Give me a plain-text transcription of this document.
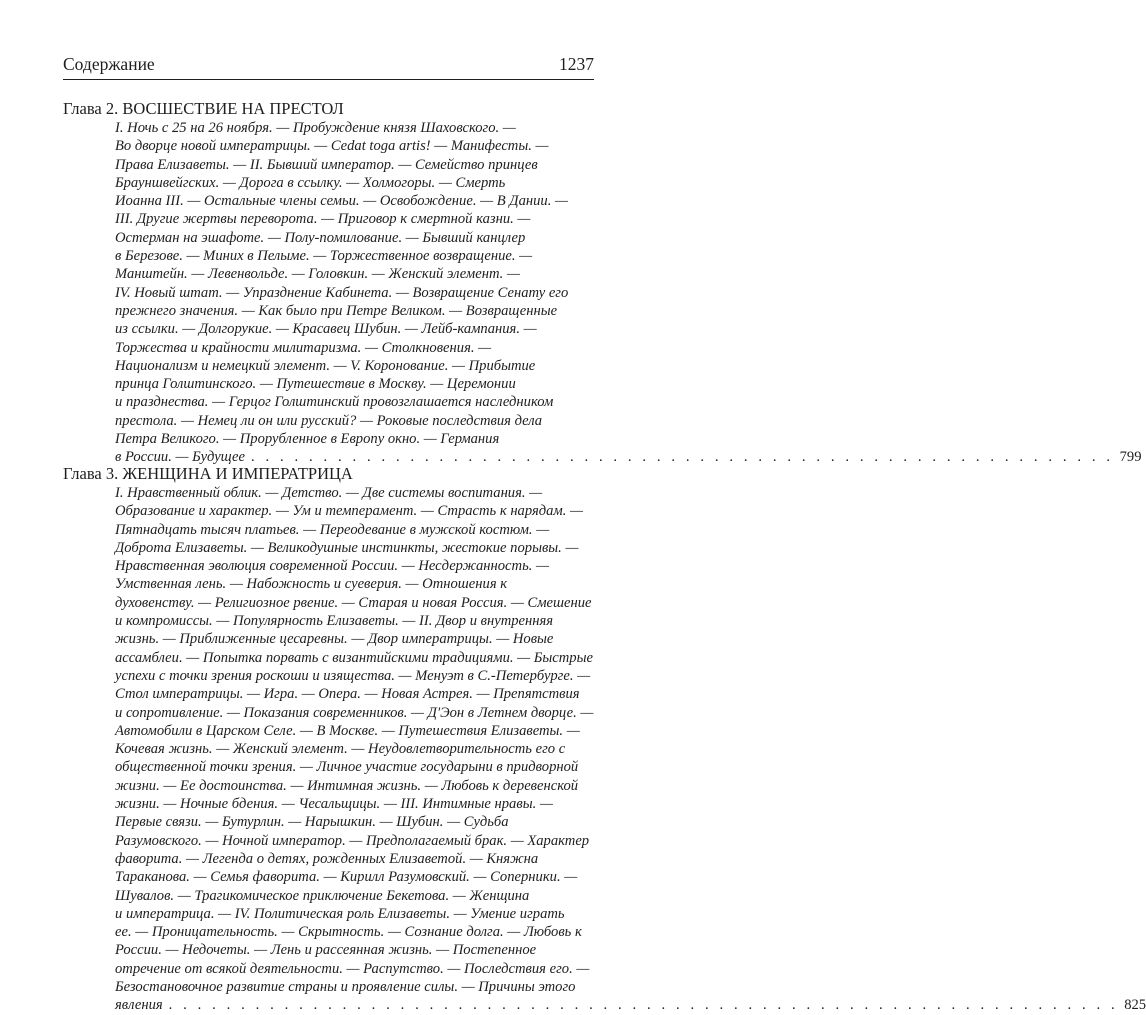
Содержание	1237
Глава 2. ВОСШЕСТВИЕ НА ПРЕСТОЛ
I. Ночь с 25 на 26 ноября. — Пробуждение князя Шаховского. —
Во дворце новой императрицы. — Cedat toga artis! — Манифесты. —
Права Елизаветы. — II. Бывший император. — Семейство принцев
Брауншвейгских. — Дорога в ссылку. — Холмогоры. — Смерть
Иоанна III. — Остальные члены семьи. — Освобождение. — В Дании. —
III. Другие жертвы переворота. — Приговор к смертной казни. —
Остерман на эшафоте. — Полу-помилование. — Бывший канцлер
в Березове. — Миних в Пелыме. — Торжественное возвращение. —
Манштейн. — Левенвольде. — Головкин. — Женский элемент. —
IV. Новый штат. — Упразднение Кабинета. — Возвращение Сенату его
прежнего значения. — Как было при Петре Великом. — Возвращенные
из ссылки. — Долгорукие. — Красавец Шубин. — Лейб-кампания. —
Торжества и крайности милитаризма. — Столкновения. —
Национализм и немецкий элемент. — V. Коронование. — Прибытие
принца Голштинского. — Путешествие в Москву. — Церемонии
и празднества. — Герцог Голштинский провозглашается наследником
престола. — Немец ли он или русский? — Роковые последствия дела
Петра Великого. — Прорубленное в Европу окно. — Германия
в России. — Будущее . . . . . . . . . . . . . . . . . . . . . . . . . . . . . . . . . . . . . . . . . . . . . . . . . . . . . . . . . . . . 799
Глава 3. ЖЕНЩИНА И ИМПЕРАТРИЦА
I. Нравственный облик. — Детство. — Две системы воспитания. —
Образование и характер. — Ум и темперамент. — Страсть к нарядам. —
Пятнадцать тысяч платьев. — Переодевание в мужской костюм. —
Доброта Елизаветы. — Великодушные инстинкты, жестокие порывы. —
Нравственная эволюция современной России. — Несдержанность. —
Умственная лень. — Набожность и суеверия. — Отношения к
духовенству. — Религиозное рвение. — Старая и новая Россия. — Смешение
и компромиссы. — Популярность Елизаветы. — II. Двор и внутренняя
жизнь. — Приближенные цесаревны. — Двор императрицы. — Новые
ассамблеи. — Попытка порвать с византийскими традициями. — Быстрые
успехи с точки зрения роскоши и изящества. — Менуэт в С.-Петербурге. —
Стол императрицы. — Игра. — Опера. — Новая Астрея. — Препятствия
и сопротивление. — Показания современников. — Д'Эон в Летнем дворце. —
Автомобили в Царском Селе. — В Москве. — Путешествия Елизаветы. —
Кочевая жизнь. — Женский элемент. — Неудовлетворительность его с
общественной точки зрения. — Личное участие государыни в придворной
жизни. — Ее достоинства. — Интимная жизнь. — Любовь к деревенской
жизни. — Ночные бдения. — Чесальщицы. — III. Интимные нравы. —
Первые связи. — Бутурлин. — Нарышкин. — Шубин. — Судьба
Разумовского. — Ночной император. — Предполагаемый брак. — Характер
фаворита. — Легенда о детях, рожденных Елизаветой. — Княжна
Тараканова. — Семья фаворита. — Кирилл Разумовский. — Соперники. —
Шувалов. — Трагикомическое приключение Бекетова. — Женщина
и императрица. — IV. Политическая роль Елизаветы. — Умение играть
ее. — Проницательность. — Скрытность. — Сознание долга. — Любовь к
России. — Недочеты. — Лень и рассеянная жизнь. — Постепенное
отречение от всякой деятельности. — Распутство. — Последствия его. —
Безостановочное развитие страны и проявление силы. — Причины этого
явления . . . . . . . . . . . . . . . . . . . . . . . . . . . . . . . . . . . . . . . . . . . . . . . . . . . . . . . . . . . . . . . . . . 825
